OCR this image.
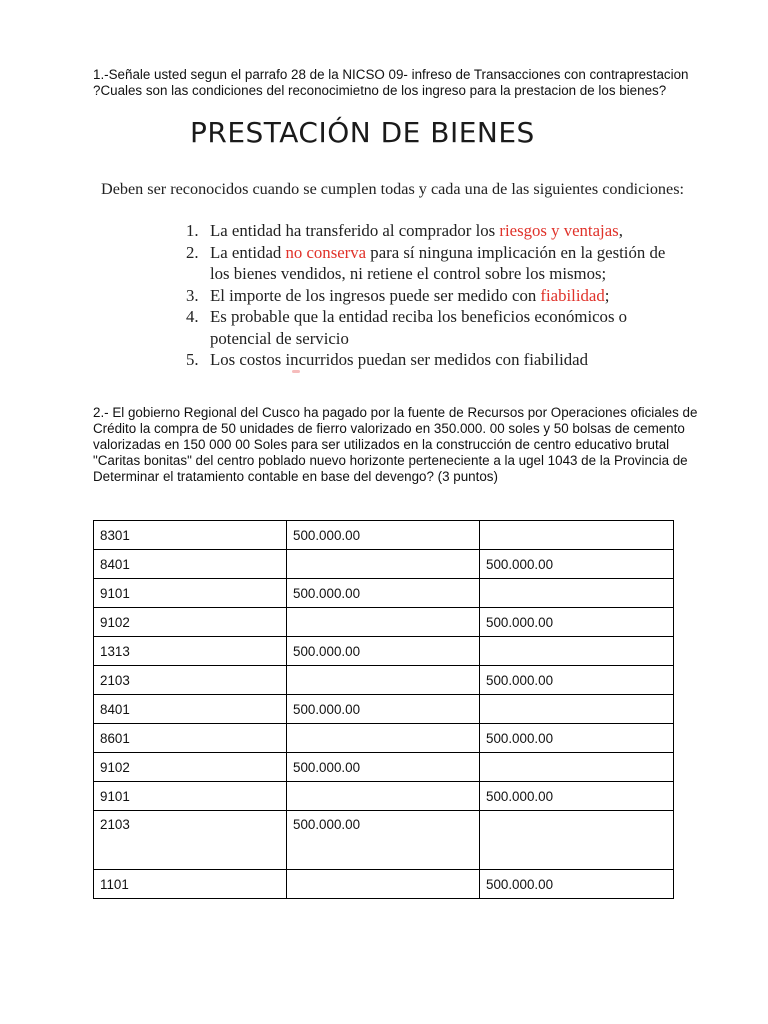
1.-Señale usted segun el parrafo 28 de la NICSO 09- infreso de Transacciones con contraprestacion

?Cuales son las condiciones del reconocimietno de los ingreso para la prestacion de los bienes?

PRESTACIÓN DE BIENES
Deben ser reconocidos cuando se cumplen todas y cada una de las siguientes condiciones:
1. La entidad ha transferido al comprador los riesgos y ventajas,
2. La entidad no conserva para sí ninguna implicación en la gestión de los bienes vendidos, ni retiene el control sobre los mismos;
3. El importe de los ingresos puede ser medido con fiabilidad;
4. Es probable que la entidad reciba los beneficios económicos o potencial de servicio
5. Los costos incurridos puedan ser medidos con fiabilidad

2.- El gobierno Regional del Cusco ha pagado por la fuente de Recursos por Operaciones oficiales de

Crédito la compra de 50 unidades de fierro valorizado en 350.000. 00 soles y 50 bolsas de cemento

valorizadas en 150 000 00 Soles para ser utilizados en la construcción de centro educativo brutal

"Caritas bonitas" del centro poblado nuevo horizonte perteneciente a la ugel 1043 de la Provincia de

Determinar el tratamiento contable en base del devengo? (3 puntos)

8301	500.000.00	
8401		500.000.00
9101	500.000.00	
9102		500.000.00
1313	500.000.00	
2103		500.000.00
8401	500.000.00	
8601		500.000.00
9102	500.000.00	
9101		500.000.00
2103	500.000.00	
1101		500.000.00
